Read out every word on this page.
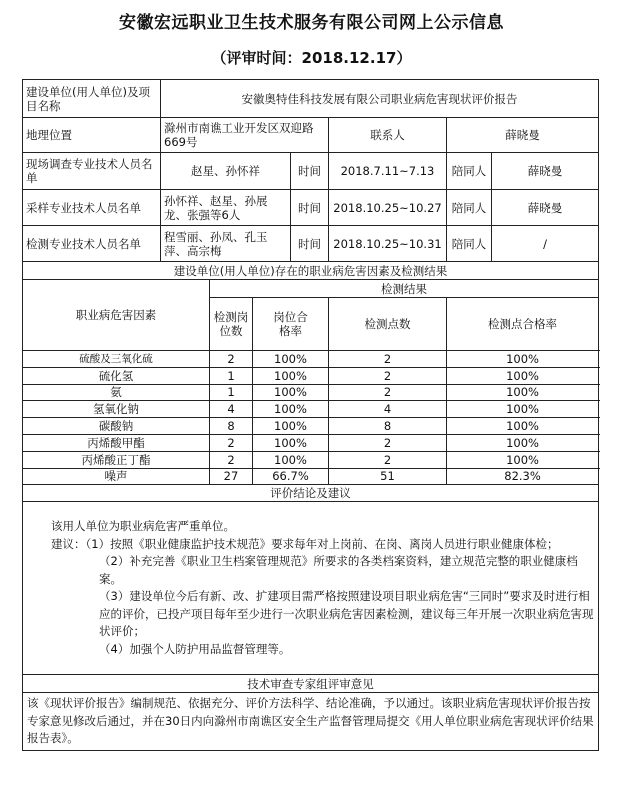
安徽宏远职业卫生技术服务有限公司网上公示信息
（评审时间：2018.12.17）
建设单位(用人单位)及项目名称	安徽奥特佳科技发展有限公司职业病危害现状评价报告						
地理位置	滁州市南谯工业开发区双迎路669号				联系人	薛晓曼	
现场调查专业技术人员名单	赵星、孙怀祥			时间	2018.7.11~7.13	陪同人	薛晓曼
采样专业技术人员名单	孙怀祥、赵星、孙展龙、张强等6人			时间	2018.10.25~10.27	陪同人	薛晓曼
检测专业技术人员名单	程雪丽、孙凤、孔玉萍、高宗梅			时间	2018.10.25~10.31	陪同人	/
建设单位(用人单位)存在的职业病危害因素及检测结果							
职业病危害因素		检测结果					
		检测岗位数	岗位合格率		检测点数	检测点合格率	
硫酸及三氧化硫		2	100%		2	100%	
硫化氢		1	100%		2	100%	
氨		1	100%		2	100%	
氢氧化钠		4	100%		4	100%	
碳酸钠		8	100%		8	100%	
丙烯酸甲酯		2	100%		2	100%	
丙烯酸正丁酯		2	100%		2	100%	
噪声		27	66.7%		51	82.3%	
评价结论及建议							

该用人单位为职业病危害严重单位。

建议：（1）按照《职业健康监护技术规范》要求每年对上岗前、在岗、离岗人员进行职业健康体检；

（2）补充完善《职业卫生档案管理规范》所要求的各类档案资料，建立规范完整的职业健康档案。

（3）建设单位今后有新、改、扩建项目需严格按照建设项目职业病危害“三同时”要求及时进行相应的评价，已投产项目每年至少进行一次职业病危害因素检测，建议每三年开展一次职业病危害现状评价；

（4）加强个人防护用品监督管理等。							

技术审查专家组评审意见							
该《现状评价报告》编制规范、依据充分、评价方法科学、结论准确，予以通过。该职业病危害现状评价报告按专家意见修改后通过，并在30日内向滁州市南谯区安全生产监督管理局提交《用人单位职业病危害现状评价结果报告表》。							
